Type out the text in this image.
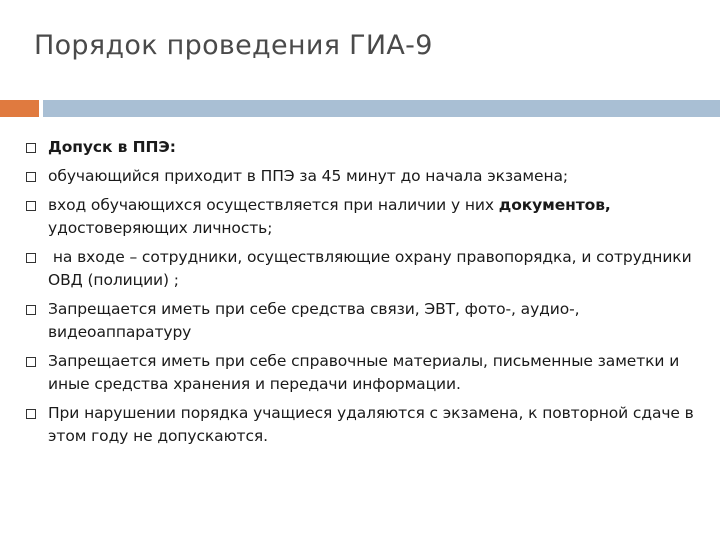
Порядок проведения ГИА-9
Допуск в ППЭ:
обучающийся приходит в ППЭ за 45 минут до начала экзамена;
вход обучающихся осуществляется при наличии у них документов, удостоверяющих личность;
на входе – сотрудники, осуществляющие охрану правопорядка, и сотрудники ОВД (полиции) ;
Запрещается иметь при себе средства связи, ЭВТ, фото-, аудио-, видеоаппаратуру
Запрещается иметь при себе справочные материалы, письменные заметки и иные средства хранения и передачи информации.
При нарушении порядка учащиеся удаляются с экзамена, к повторной сдаче в этом году не допускаются.
